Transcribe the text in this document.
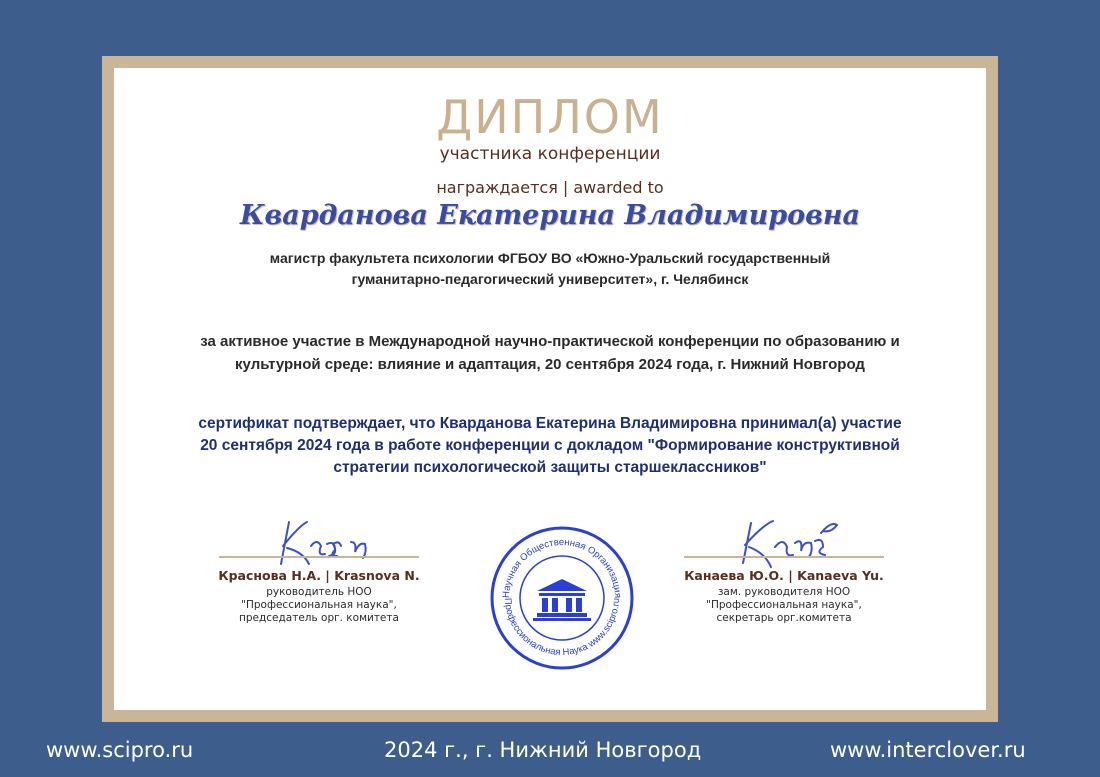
ДИПЛОМ
участника конференции
награждается | awarded to
Кварданова Екатерина Владимировна
магистр факультета психологии ФГБОУ ВО «Южно-Уральский государственный
гуманитарно-педагогический университет», г. Челябинск
за активное участие в Международной научно-практической конференции по образованию и
культурной среде: влияние и адаптация, 20 сентября 2024 года, г. Нижний Новгород
сертификат подтверждает, что Кварданова Екатерина Владимировна принимал(а) участие
20 сентября 2024 года в работе конференции с докладом "Формирование конструктивной
стратегии психологической защиты старшеклассников"
Краснова Н.А. | Krasnova N.
руководитель НОО
"Профессиональная наука",
председатель орг. комитета
Научная Общественная Организация
Профессиональная Наука www.scipro.ru
Канаева Ю.О. | Kanaeva Yu.
зам. руководителя НОО
"Профессиональная наука",
секретарь орг.комитета
www.scipro.ru	2024 г., г. Нижний Новгород	www.interclover.ru
